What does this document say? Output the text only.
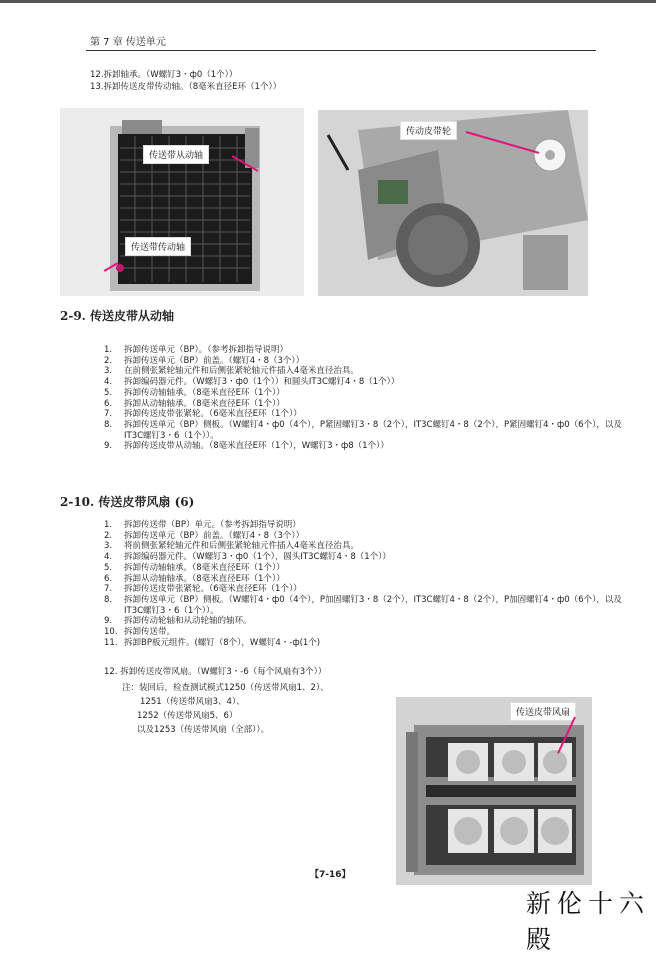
第 7 章 传送单元
12.拆卸轴承。（W螺钉3・ф0（1个））
13.拆卸传送皮带传动轴。（8毫米直径E环（1个））
传送带从动轴
传送带传动轴
传动皮带轮
2-9. 传送皮带从动轴
1.	拆卸传送单元（BP）。（参考拆卸指导说明）
2.	拆卸传送单元（BP）前盖。（螺钉4・8（3个））
3.	在前侧张紧轮轴元件和后侧张紧轮轴元件插入4毫米直径治具。
4.	拆卸编码器元件。（W螺钉3・ф0（1个））和圆头IT3C螺钉4・8（1个））
5.	拆卸传动轴轴承。（8毫米直径E环（1个））
6.	拆卸从动轴轴承。（8毫米直径E环（1个））
7.	拆卸传送皮带张紧轮。（6毫米直径E环（1个））
8.	拆卸传送单元（BP）侧板。（W螺钉4・ф0（4个），P紧固螺钉3・8（2个），IT3C螺钉4・8（2个），P紧固螺钉4・ф0（6个），以及IT3C螺钉3・6（1个））。
9.	拆卸传送皮带从动轴。（8毫米直径E环（1个），W螺钉3・ф8（1个））
2-10. 传送皮带风扇 (6)
1.	拆卸传送带（BP）单元。（参考拆卸指导说明）
2.	拆卸传送单元（BP）前盖。（螺钉4・8（3个））
3.	将前侧张紧轮轴元件和后侧张紧轮轴元件插入4毫米直径治具。
4.	拆卸编码器元件。（W螺钉3・ф0（1个），圆头IT3C螺钉4・8（1个））
5.	拆卸传动轴轴承。（8毫米直径E环（1个））
6.	拆卸从动轴轴承。（8毫米直径E环（1个））
7.	拆卸传送皮带张紧轮。（6毫米直径E环（1个））
8.	拆卸传送单元（BP）侧板。（W螺钉4・ф0（4个），P加固螺钉3・8（2个），IT3C螺钉4・8（2个），P加固螺钉4・ф0（6个），以及IT3C螺钉3・6（1个））。
9.	拆卸传动轮轴和从动轮轴的轴环。
10. 拆卸传送带。
11. 拆卸BP板元组件。(螺钉（8个），W螺钉4・-ф(1个)
12. 拆卸传送皮带风扇。（W螺钉3・-6（每个风扇有3个））
注：装回后，检查测试模式1250（传送带风扇1、2）、
1251（传送带风扇3、4）、
1252（传送带风扇5、6）
以及1253（传送带风扇（全部））。
传送皮带风扇
【7-16】
新伦十六殿
